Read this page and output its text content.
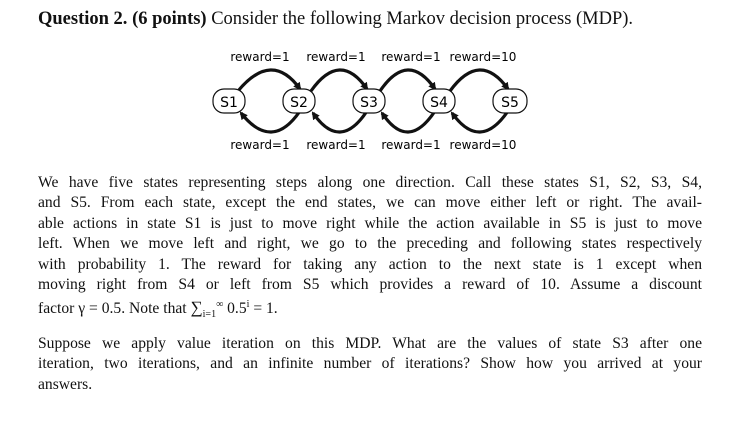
Question 2. (6 points) Consider the following Markov decision process (MDP).
reward=1 reward=1 reward=1 reward=10
S1	S2	S3	S4	S5
reward=1 reward=1 reward=1 reward=10
We have five states representing steps along one direction. Call these states S1, S2, S3, S4,
and S5. From each state, except the end states, we can move either left or right. The avail-
able actions in state S1 is just to move right while the action available in S5 is just to move
left. When we move left and right, we go to the preceding and following states respectively
with probability 1. The reward for taking any action to the next state is 1 except when
moving right from S4 or left from S5 which provides a reward of 10. Assume a discount
factor γ = 0.5. Note that $\sum_{i=1}^\infty$ $0.5^i = 1$.
Suppose we apply value iteration on this MDP. What are the values of state S3 after one
iteration, two iterations, and an infinite number of iterations? Show how you arrived at your
answers.
